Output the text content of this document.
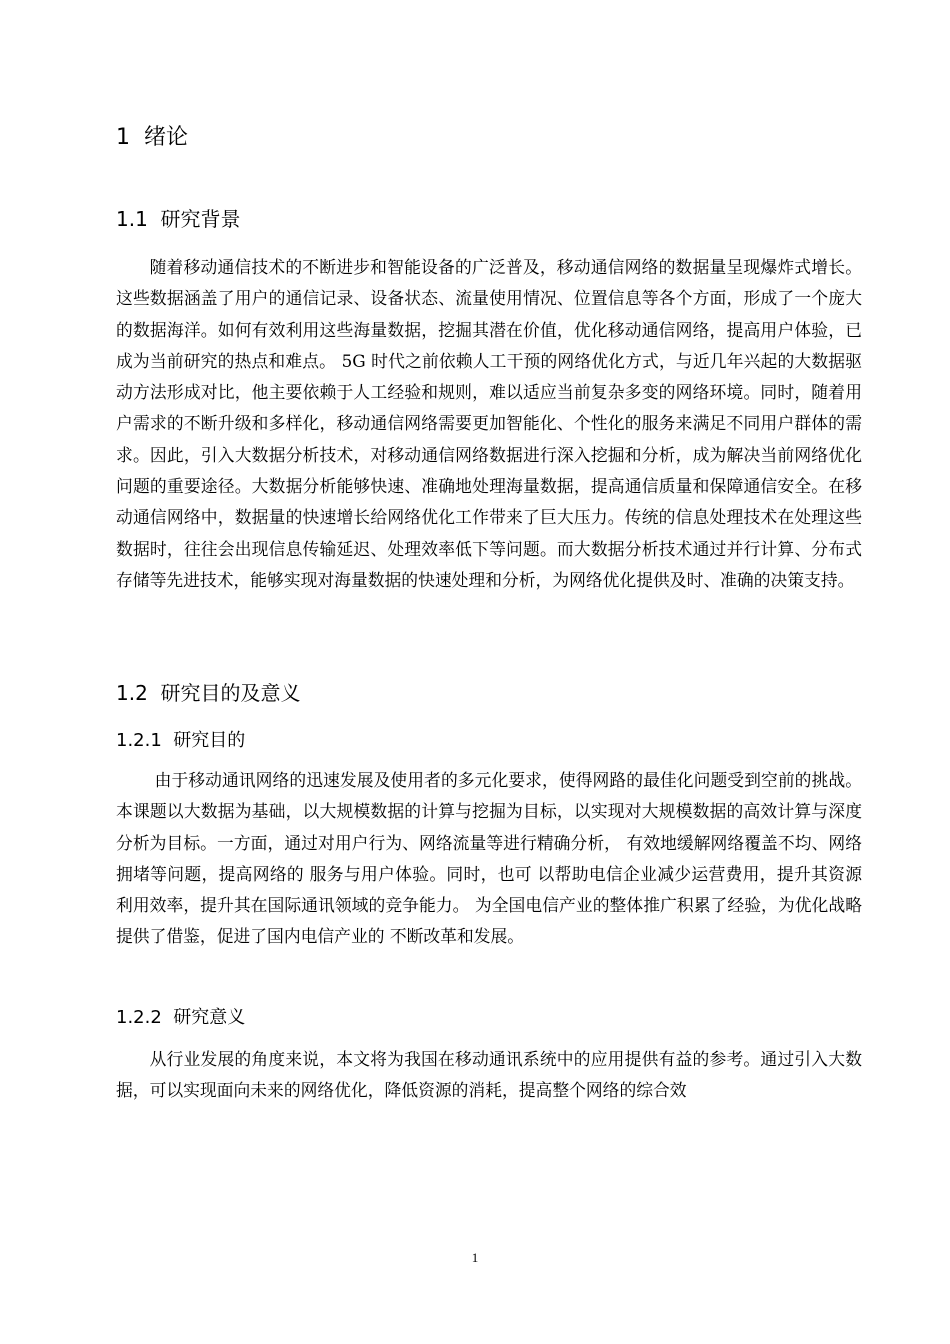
1 绪论
1.1 研究背景

随着移动通信技术的不断进步和智能设备的广泛普及，移动通信网络的数据量呈现爆炸式增长。这些数据涵盖了用户的通信记录、设备状态、流量使用情况、位置信息等各个方面，形成了一个庞大的数据海洋。如何有效利用这些海量数据，挖掘其潜在价值，优化移动通信网络，提高用户体验，已成为当前研究的热点和难点。 5G 时代之前依赖人工干预的网络优化方式，与近几年兴起的大数据驱动方法形成对比，他主要依赖于人工经验和规则，难以适应当前复杂多变的网络环境。同时，随着用户需求的不断升级和多样化，移动通信网络需要更加智能化、个性化的服务来满足不同用户群体的需求。因此，引入大数据分析技术，对移动通信网络数据进行深入挖掘和分析，成为解决当前网络优化问题的重要途径。大数据分析能够快速、准确地处理海量数据，提高通信质量和保障通信安全。在移动通信网络中，数据量的快速增长给网络优化工作带来了巨大压力。传统的信息处理技术在处理这些数据时，往往会出现信息传输延迟、处理效率低下等问题。而大数据分析技术通过并行计算、分布式存储等先进技术，能够实现对海量数据的快速处理和分析，为网络优化提供及时、准确的决策支持。

1.2 研究目的及意义
1.2.1 研究目的

由于移动通讯网络的迅速发展及使用者的多元化要求，使得网路的最佳化问题受到空前的挑战。本课题以大数据为基础，以大规模数据的计算与挖掘为目标，以实现对大规模数据的高效计算与深度分析为目标。一方面，通过对用户行为、网络流量等进行精确分析， 有效地缓解网络覆盖不均、网络拥堵等问题，提高网络的 服务与用户体验。同时，也可 以帮助电信企业减少运营费用，提升其资源利用效率，提升其在国际通讯领域的竞争能力。 为全国电信产业的整体推广积累了经验，为优化战略提供了借鉴，促进了国内电信产业的 不断改革和发展。

1.2.2 研究意义

从行业发展的角度来说，本文将为我国在移动通讯系统中的应用提供有益的参考。通过引入大数据，可以实现面向未来的网络优化，降低资源的消耗，提高整个网络的综合效

1
